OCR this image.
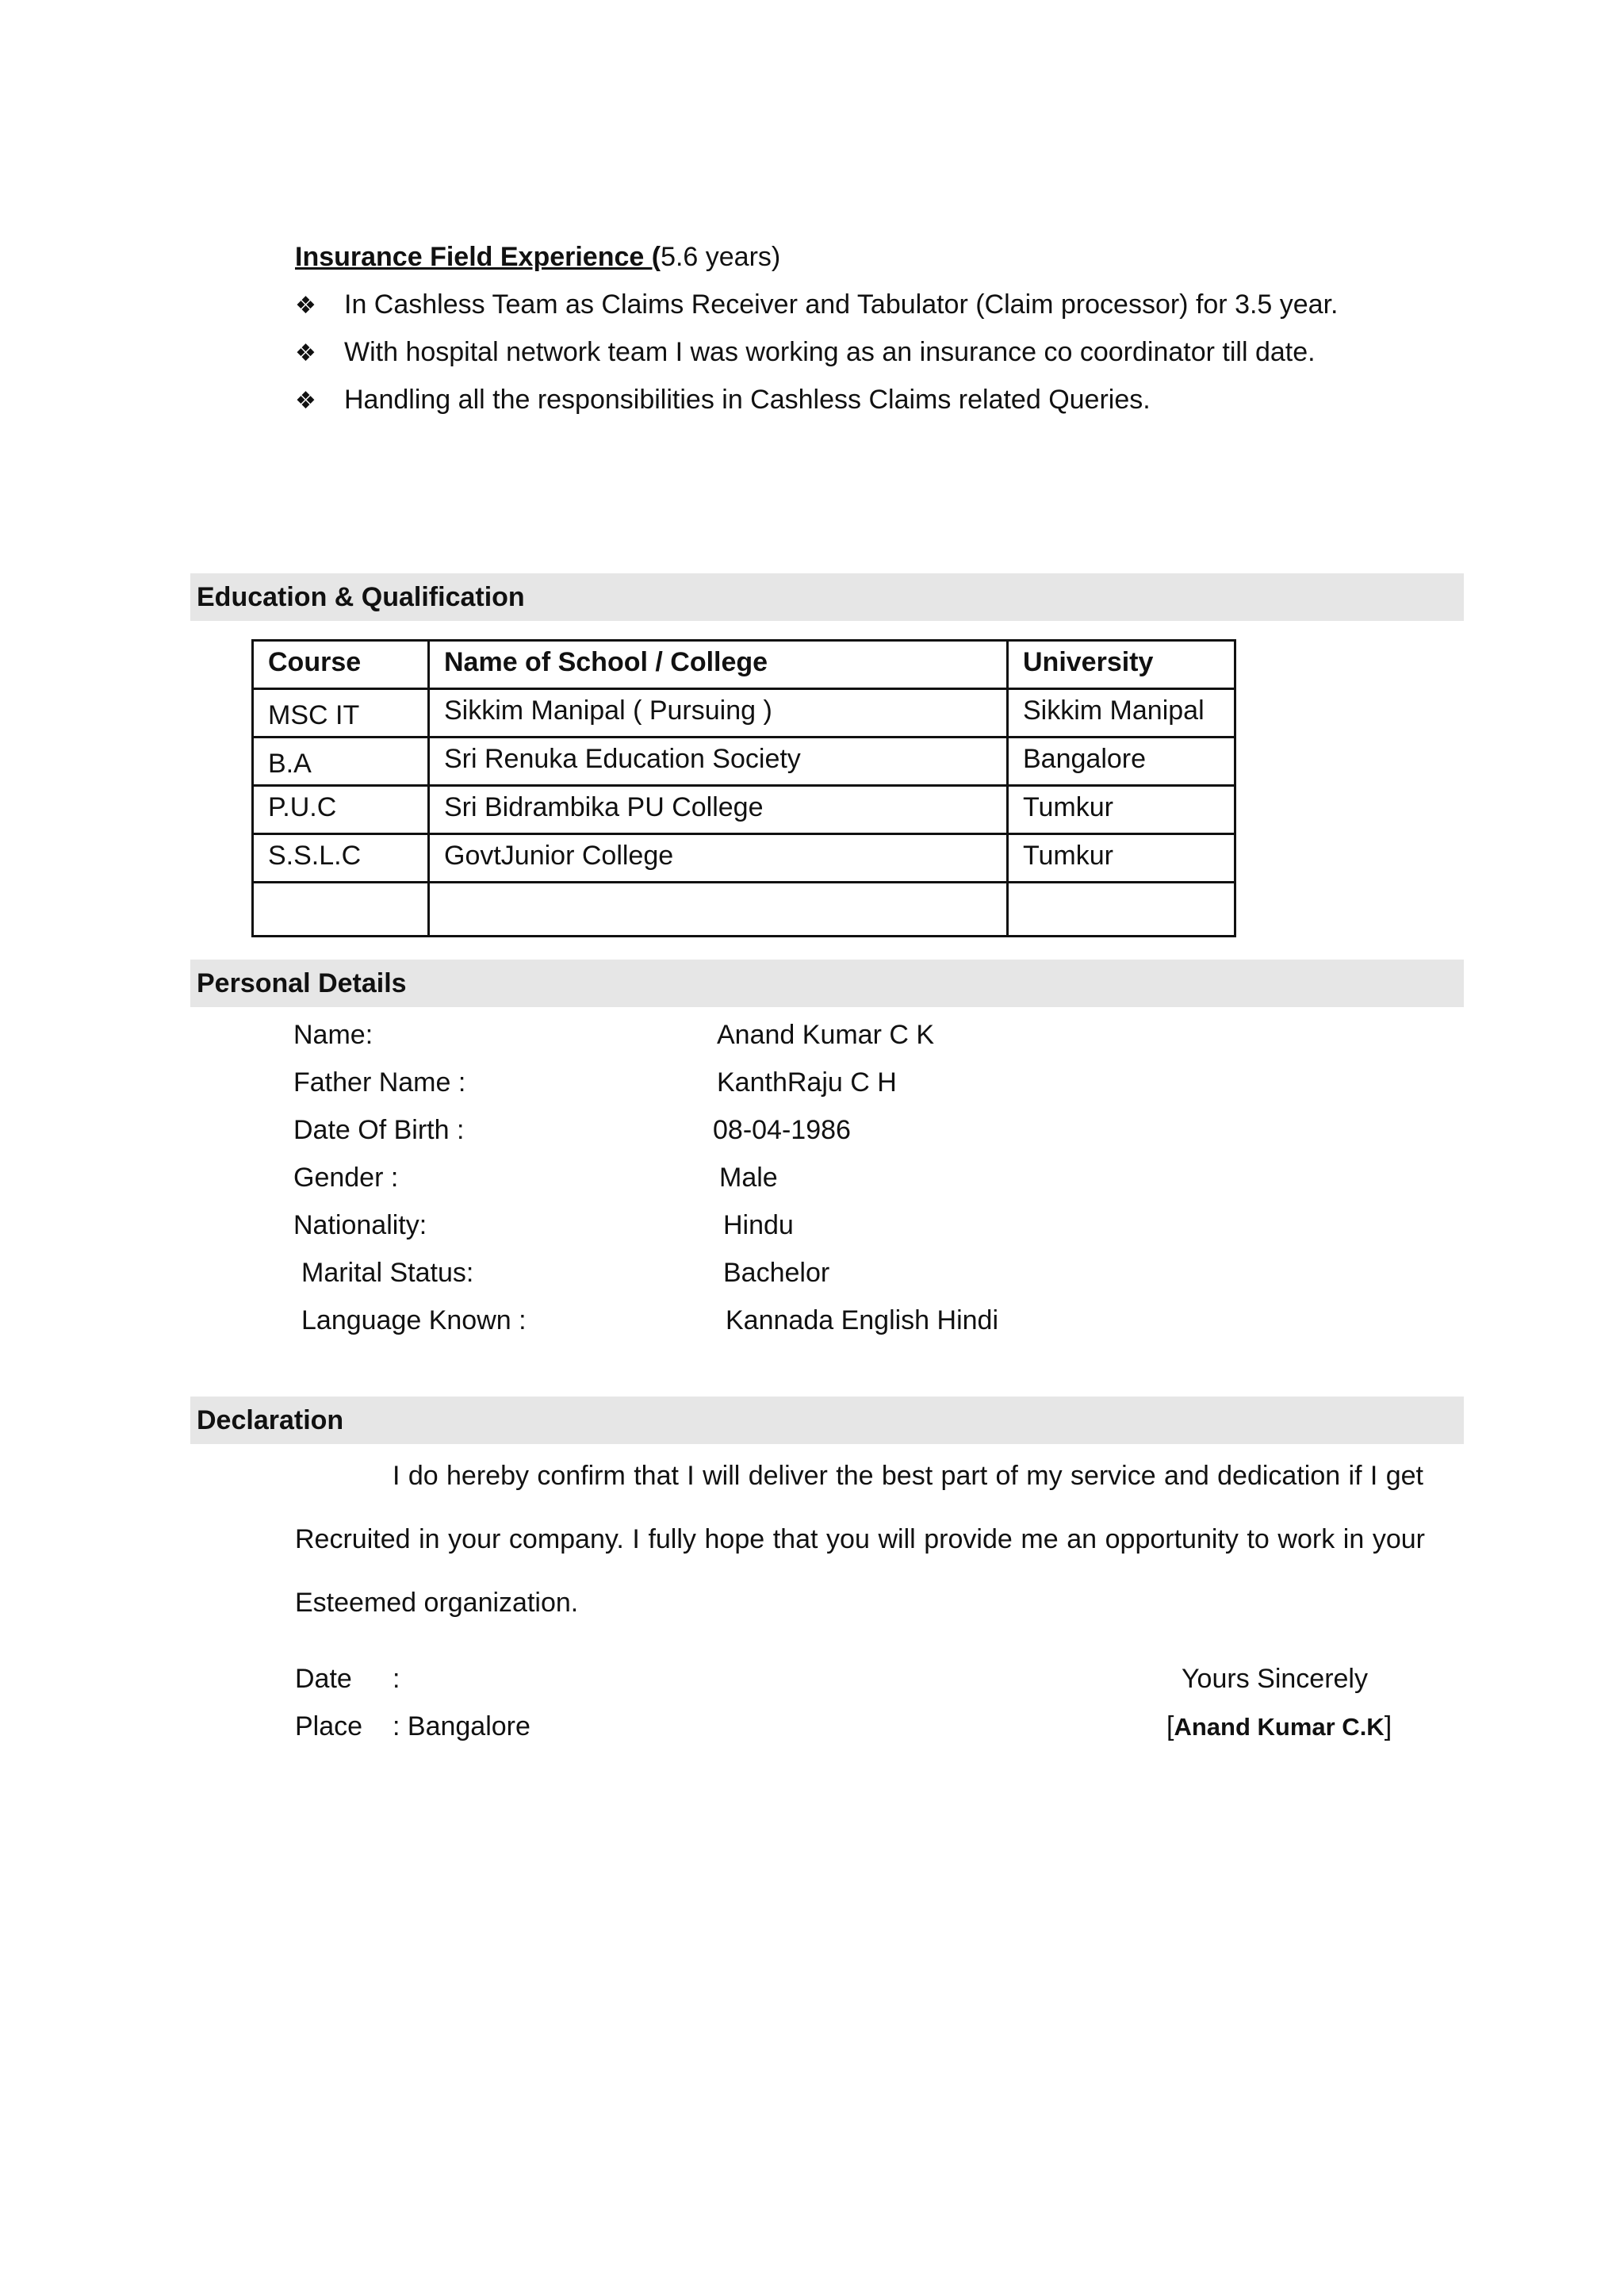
Insurance Field Experience (5.6 years)
❖ In Cashless Team as Claims Receiver and Tabulator (Claim processor) for 3.5 year.
❖ With hospital network team I was working as an insurance co coordinator till date.
❖ Handling all the responsibilities in Cashless Claims related Queries.
Education & Qualification
Course	Name of School / College	University
MSC IT	Sikkim Manipal ( Pursuing )	Sikkim Manipal
B.A	Sri Renuka Education Society	Bangalore
P.U.C	Sri Bidrambika PU College	Tumkur
S.S.L.C	GovtJunior College	Tumkur

Personal Details
Name:	Anand Kumar C K
Father Name :	KanthRaju C H
Date Of Birth :	08-04-1986
Gender :	Male
Nationality:	Hindu
Marital Status:	Bachelor
Language Known :	Kannada English Hindi
Declaration
I do hereby confirm that I will deliver the best part of my service and dedication if I get
Recruited in your company. I fully hope that you will provide me an opportunity to work in your
Esteemed organization.
Date :	Yours Sincerely
Place : Bangalore	[Anand Kumar C.K]
